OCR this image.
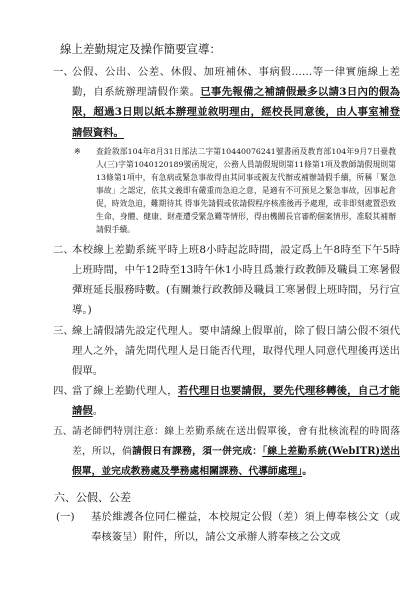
線上差勤規定及操作簡要宣導：
一、

公假、公出、公差、休假、加班補休、事病假……等一律實施線上差勤，自系統辦理請假作業。已事先報備之補請假最多以請3日內的假為限，超過3日則以紙本辦理並敘明理由，經校長同意後，由人事室補登請假資料。

※ 查銓敘部104年8月31日部法二字第10440076241號書函及教育部104年9月7日臺教人(三)字第1040120189號函規定，公務人員請假規則第11條第1項及教師請假規則第13條第1項中，有急病或緊急事故得由其同事或親友代辦或補辦請假手續，所稱「緊急事故」之認定，依其文義即有嚴重而急迫之意，是適有不可預見之緊急事故，因事起倉促，時效急迫，難期待其 得事先請假或依請假程序核准後再予處理，或非即刻處置恐致生命、身體、健康、財產遭受緊急難等情形，得由機關長官審酌個案情形，准駁其補辦請假手續。

二、

本校線上差勤系統平時上班8小時起訖時間，設定爲上午8時至下午5時上班時間，中午12時至13時午休1小時且爲兼行政教師及職員工寒暑假彈班延長服務時數。(有關兼行政教師及職員工寒暑假上班時間，另行宣導。)

三、

線上請假請先設定代理人。要申請線上假單前，除了假日請公假不須代理人之外，請先問代理人是日能否代理，取得代理人同意代理後再送出假單。

四、

當了線上差勤代理人，若代理日也要請假，要先代理移轉後，自己才能請假。

五、 請老師們特別注意：線上差勤系統在送出假單後，會有批核流程的時間落差，所以，倘請假日有課務，須一併完成：「線上差勤系統(WebITR)送出假單，並完成教務處及學務處相關課務、代導師處理」。

六、公假、公差
(一) 基於維護各位同仁權益，本校規定公假（差）須上傳奉核公文（或奉核簽呈）附件，所以，請公文承辦人將奉核之公文或
